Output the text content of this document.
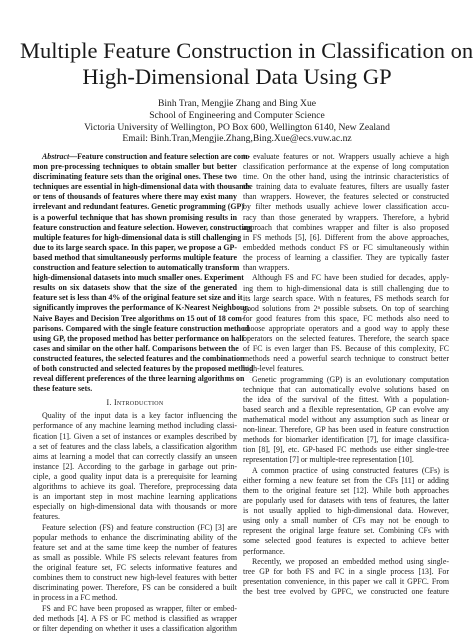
Multiple Feature Construction in Classification on
High-Dimensional Data Using GP
Binh Tran, Mengjie Zhang and Bing Xue
School of Engineering and Computer Science
Victoria University of Wellington, PO Box 600, Wellington 6140, New Zealand
Email: Binh.Tran,Mengjie.Zhang,Bing.Xue@ecs.vuw.ac.nz
Abstract—Feature construction and feature selection are com-
mon pre-processing techniques to obtain smaller but better
discriminating feature sets than the original ones. These two
techniques are essential in high-dimensional data with thousands
or tens of thousands of features where there may exist many
irrelevant and redundant features. Genetic programming (GP)
is a powerful technique that has shown promising results in
feature construction and feature selection. However, constructing
multiple features for high-dimensional data is still challenging
due to its large search space. In this paper, we propose a GP-
based method that simultaneously performs multiple feature
construction and feature selection to automatically transform
high-dimensional datasets into much smaller ones. Experiment
results on six datasets show that the size of the generated
feature set is less than 4% of the original feature set size and it
significantly improves the performance of K-Nearest Neighbour,
Naive Bayes and Decision Tree algorithms on 15 out of 18 com-
parisons. Compared with the single feature construction method
using GP, the proposed method has better performance on half
cases and similar on the other half. Comparisons between the
constructed features, the selected features and the combination
of both constructed and selected features by the proposed method
reveal different preferences of the three learning algorithms on
these feature sets.
I. Introduction
Quality of the input data is a key factor influencing the
performance of any machine learning method including classi-
fication [1]. Given a set of instances or examples described by
a set of features and the class labels, a classification algorithm
aims at learning a model that can correctly classify an unseen
instance [2]. According to the garbage in garbage out prin-
ciple, a good quality input data is a prerequisite for learning
algorithms to achieve its goal. Therefore, preprocessing data
is an important step in most machine learning applications
especially on high-dimensional data with thousands or more
features.
Feature selection (FS) and feature construction (FC) [3] are
popular methods to enhance the discriminating ability of the
feature set and at the same time keep the number of features
as small as possible. While FS selects relevant features from
the original feature set, FC selects informative features and
combines them to construct new high-level features with better
discriminating power. Therefore, FS can be considered a built
in process in a FC method.
FS and FC have been proposed as wrapper, filter or embed-
ded methods [4]. A FS or FC method is classified as wrapper
or filter depending on whether it uses a classification algorithm
to evaluate features or not. Wrappers usually achieve a high
classification performance at the expense of long computation
time. On the other hand, using the intrinsic characteristics of
the training data to evaluate features, filters are usually faster
than wrappers. However, the features selected or constructed
by filter methods usually achieve lower classification accu-
racy than those generated by wrappers. Therefore, a hybrid
approach that combines wrapper and filter is also proposed
in FS methods [5], [6]. Different from the above approaches,
embedded methods conduct FS or FC simultaneously within
the process of learning a classifier. They are typically faster
than wrappers.
Although FS and FC have been studied for decades, apply-
ing them to high-dimensional data is still challenging due to
its large search space. With n features, FS methods search for
good solutions from 2ⁿ possible subsets. On top of searching
for good features from this space, FC methods also need to
choose appropriate operators and a good way to apply these
operators on the selected features. Therefore, the search space
of FC is even larger than FS. Because of this complexity, FC
methods need a powerful search technique to construct better
high-level features.
Genetic programming (GP) is an evolutionary computation
technique that can automatically evolve solutions based on
the idea of the survival of the fittest. With a population-
based search and a flexible representation, GP can evolve any
mathematical model without any assumption such as linear or
non-linear. Therefore, GP has been used in feature construction
methods for biomarker identification [7], for image classifica-
tion [8], [9], etc. GP-based FC methods use either single-tree
representation [7] or multiple-tree representation [10].
A common practice of using constructed features (CFs) is
either forming a new feature set from the CFs [11] or adding
them to the original feature set [12]. While both approaches
are popularly used for datasets with tens of features, the latter
is not usually applied to high-dimensional data. However,
using only a small number of CFs may not be enough to
represent the original large feature set. Combining CFs with
some selected good features is expected to achieve better
performance.
Recently, we proposed an embedded method using single-
tree GP for both FS and FC in a single process [13]. For
presentation convenience, in this paper we call it GPFC. From
the best tree evolved by GPFC, we constructed one feature
